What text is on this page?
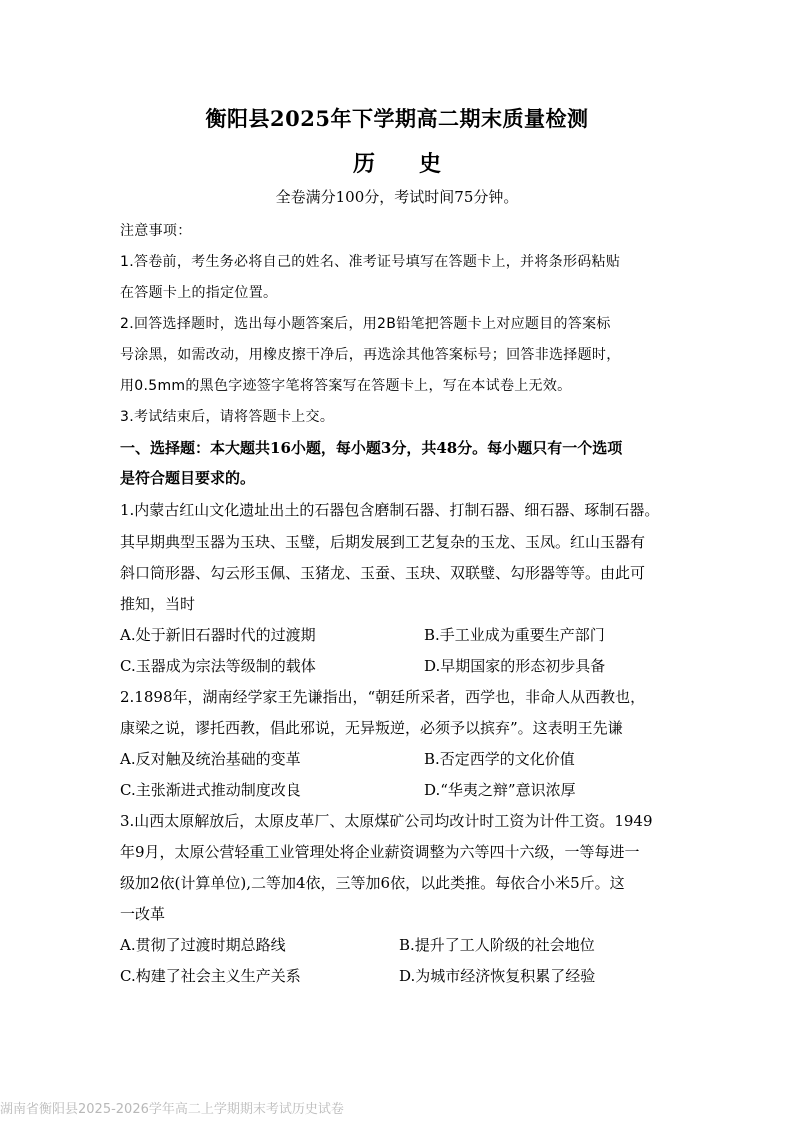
衡阳县2025年下学期高二期末质量检测
历 史
全卷满分100分，考试时间75分钟。
注意事项：
1.答卷前，考生务必将自己的姓名、准考证号填写在答题卡上，并将条形码粘贴
在答题卡上的指定位置。
2.回答选择题时，选出每小题答案后，用2B铅笔把答题卡上对应题目的答案标
号涂黑，如需改动，用橡皮擦干净后，再选涂其他答案标号；回答非选择题时，
用0.5mm的黑色字迹签字笔将答案写在答题卡上，写在本试卷上无效。
3.考试结束后，请将答题卡上交。
一、选择题：本大题共16小题，每小题3分，共48分。每小题只有一个选项
是符合题目要求的。
1.内蒙古红山文化遗址出土的石器包含磨制石器、打制石器、细石器、琢制石器。
其早期典型玉器为玉玦、玉璧，后期发展到工艺复杂的玉龙、玉凤。红山玉器有
斜口筒形器、勾云形玉佩、玉猪龙、玉蚕、玉玦、双联璧、勾形器等等。由此可
推知，当时
A.处于新旧石器时代的过渡期	B.手工业成为重要生产部门
C.玉器成为宗法等级制的载体	D.早期国家的形态初步具备
2.1898年，湖南经学家王先谦指出，“朝廷所采者，西学也，非命人从西教也，
康梁之说，谬托西教，倡此邪说，无异叛逆，必须予以摈弃”。这表明王先谦
A.反对触及统治基础的变革	B.否定西学的文化价值
C.主张渐进式推动制度改良	D.“华夷之辩”意识浓厚
3.山西太原解放后，太原皮革厂、太原煤矿公司均改计时工资为计件工资。1949
年9月，太原公营轻重工业管理处将企业薪资调整为六等四十六级，一等每进一
级加2依(计算单位),二等加4依，三等加6依，以此类推。每依合小米5斤。这
一改革
A.贯彻了过渡时期总路线	B.提升了工人阶级的社会地位
C.构建了社会主义生产关系	D.为城市经济恢复积累了经验
湖南省衡阳县2025-2026学年高二上学期期末考试历史试卷
